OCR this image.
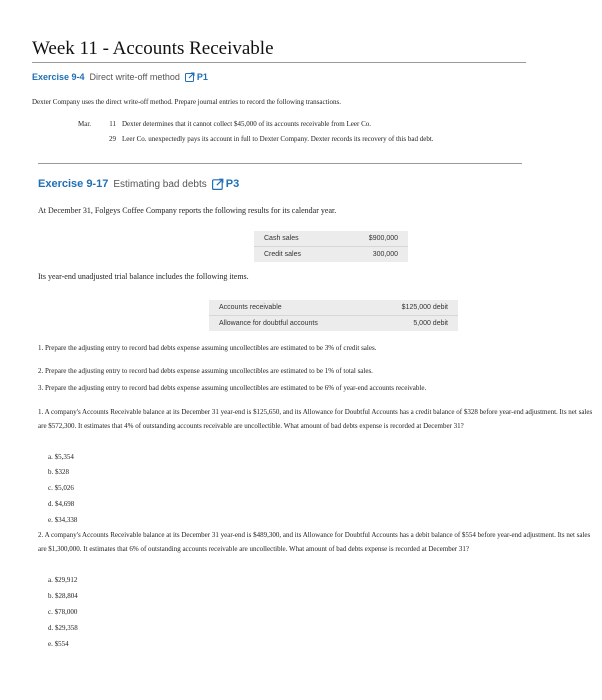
Week 11 - Accounts Receivable
Exercise 9-4 Direct write-off method P1
Dexter Company uses the direct write-off method. Prepare journal entries to record the following transactions.
Mar.	11 Dexter determines that it cannot collect $45,000 of its accounts receivable from Leer Co.
29 Leer Co. unexpectedly pays its account in full to Dexter Company. Dexter records its recovery of this bad debt.
Exercise 9-17 Estimating bad debts P3
At December 31, Folgeys Coffee Company reports the following results for its calendar year.
Cash sales	$900,000
Credit sales	300,000
Its year-end unadjusted trial balance includes the following items.
Accounts receivable	$125,000 debit
Allowance for doubtful accounts	5,000 debit
1. Prepare the adjusting entry to record bad debts expense assuming uncollectibles are estimated to be 3% of credit sales.
2. Prepare the adjusting entry to record bad debts expense assuming uncollectibles are estimated to be 1% of total sales.
3. Prepare the adjusting entry to record bad debts expense assuming uncollectibles are estimated to be 6% of year-end accounts receivable.
1. A company's Accounts Receivable balance at its December 31 year-end is $125,650, and its Allowance for Doubtful Accounts has a credit balance of $328 before year-end adjustment. Its net sales are $572,300. It estimates that 4% of outstanding accounts receivable are uncollectible. What amount of bad debts expense is recorded at December 31?
a. $5,354
b. $328
c. $5,026
d. $4,698
e. $34,338
2. A company's Accounts Receivable balance at its December 31 year-end is $489,300, and its Allowance for Doubtful Accounts has a debit balance of $554 before year-end adjustment. Its net sales are $1,300,000. It estimates that 6% of outstanding accounts receivable are uncollectible. What amount of bad debts expense is recorded at December 31?
a. $29,912
b. $28,804
c. $78,000
d. $29,358
e. $554
